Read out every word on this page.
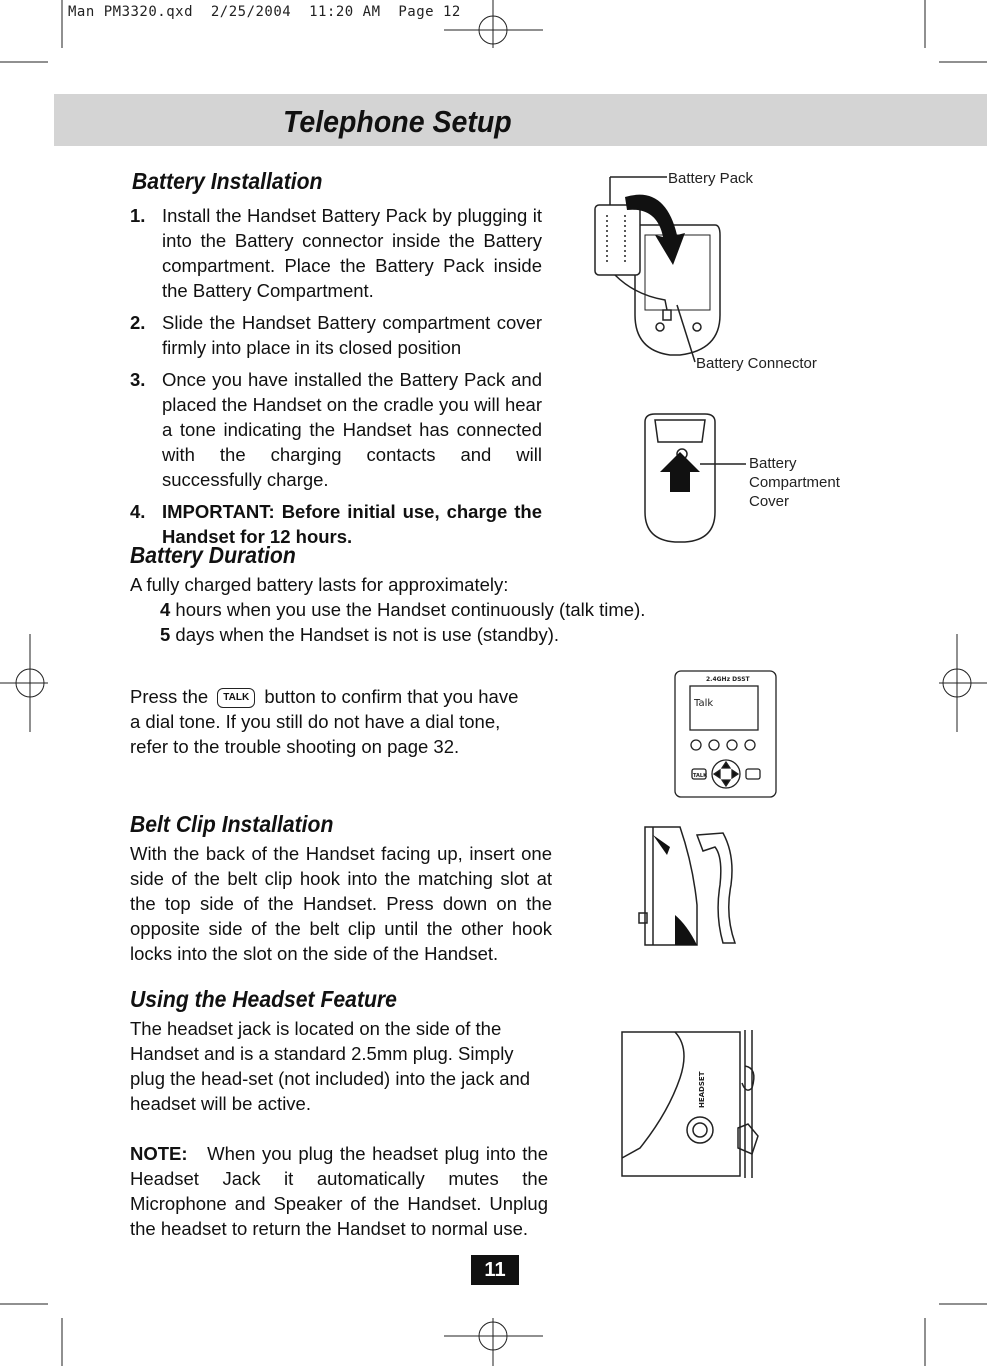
Man PM3320.qxd  2/25/2004  11:20 AM  Page 12
Telephone Setup
Battery Installation
1. Install the Handset Battery Pack by plugging it into the Battery connector inside the Battery compartment. Place the Battery Pack inside the Battery Compartment.
2. Slide the Handset Battery compartment cover firmly into place in its closed position
3. Once you have installed the Battery Pack and placed the Handset on the cradle you will hear a tone indicating the Handset has connected with the charging contacts and will successfully charge.
4. IMPORTANT: Before initial use, charge the Handset for 12 hours.
Battery Duration
A fully charged battery lasts for approximately:
4 hours when you use the Handset continuously (talk time).
5 days when the Handset is not is use (standby).
Press the TALK button to confirm that you have a dial tone. If you still do not have a dial tone, refer to the trouble shooting on page 32.
Belt Clip Installation
With the back of the Handset facing up, insert one side of the belt clip hook into the matching slot at the top side of the Handset. Press down on the opposite side of the belt clip until the other hook locks into the slot on the side of the Handset.
Using the Headset Feature
The headset jack is located on the side of the Handset and is a standard 2.5mm plug. Simply plug the head-set (not included) into the jack and headset will be active.
NOTE: When you plug the headset plug into the Headset Jack it automatically mutes the Microphone and Speaker of the Handset. Unplug the headset to return the Handset to normal use.
Battery Pack
Battery Connector
Battery
Compartment
Cover
2.4GHz DSST
Talk
TALK
HEADSET
11
